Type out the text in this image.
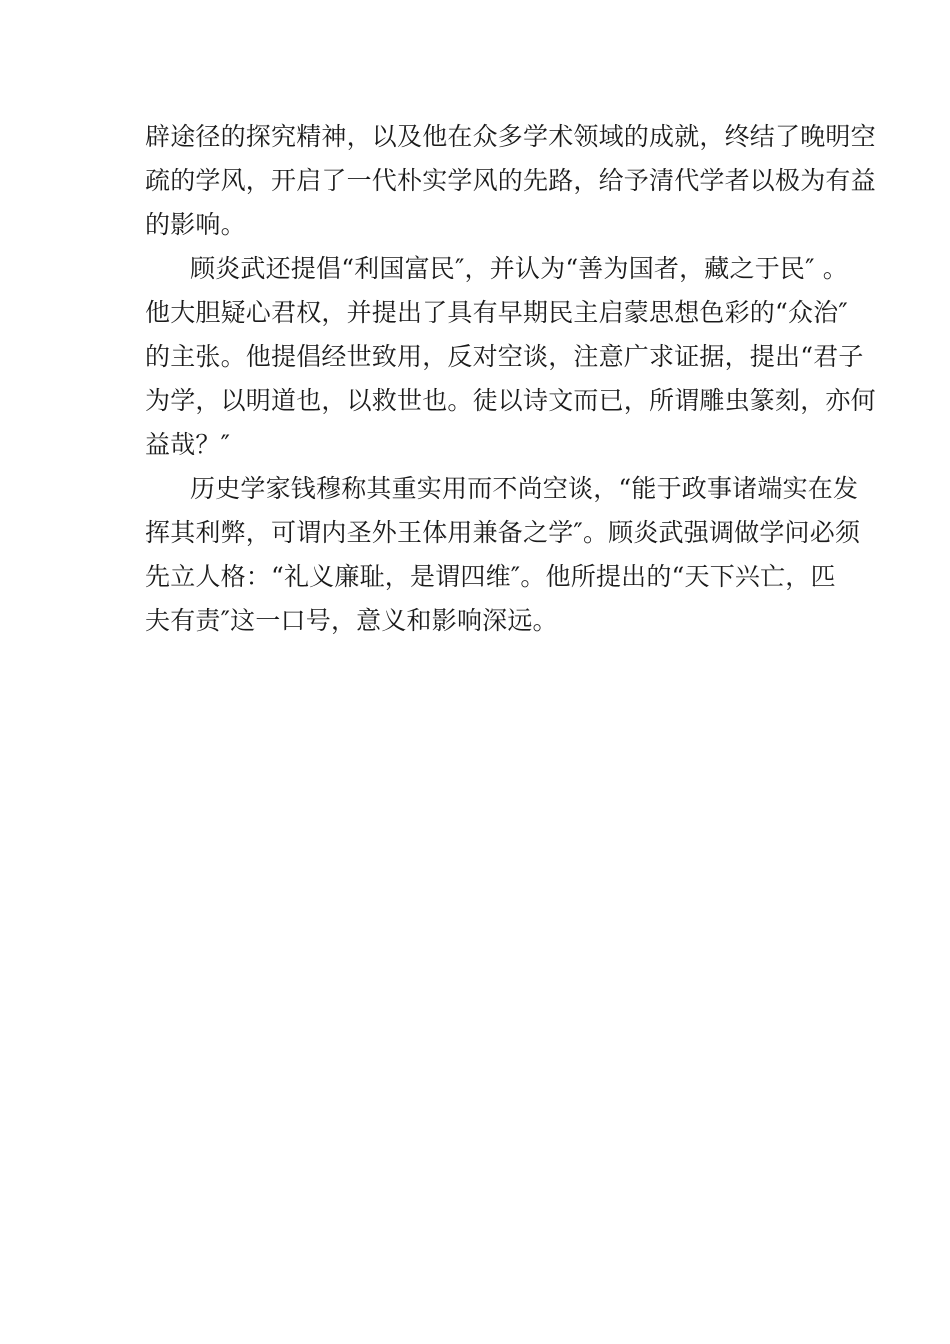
辟途径的探究精神，以及他在众多学术领域的成就，终结了晚明空
疏的学风，开启了一代朴实学风的先路，给予清代学者以极为有益
的影响。
顾炎武还提倡“利国富民″，并认为“善为国者，藏之于民″ 。
他大胆疑心君权，并提出了具有早期民主启蒙思想色彩的“众治″
的主张。他提倡经世致用，反对空谈，注意广求证据，提出“君子
为学，以明道也，以救世也。徒以诗文而已，所谓雕虫篆刻，亦何
益哉？″
历史学家钱穆称其重实用而不尚空谈，“能于政事诸端实在发
挥其利弊，可谓内圣外王体用兼备之学″。顾炎武强调做学问必须
先立人格：“礼义廉耻，是谓四维″。他所提出的“天下兴亡，匹
夫有责″这一口号，意义和影响深远。
